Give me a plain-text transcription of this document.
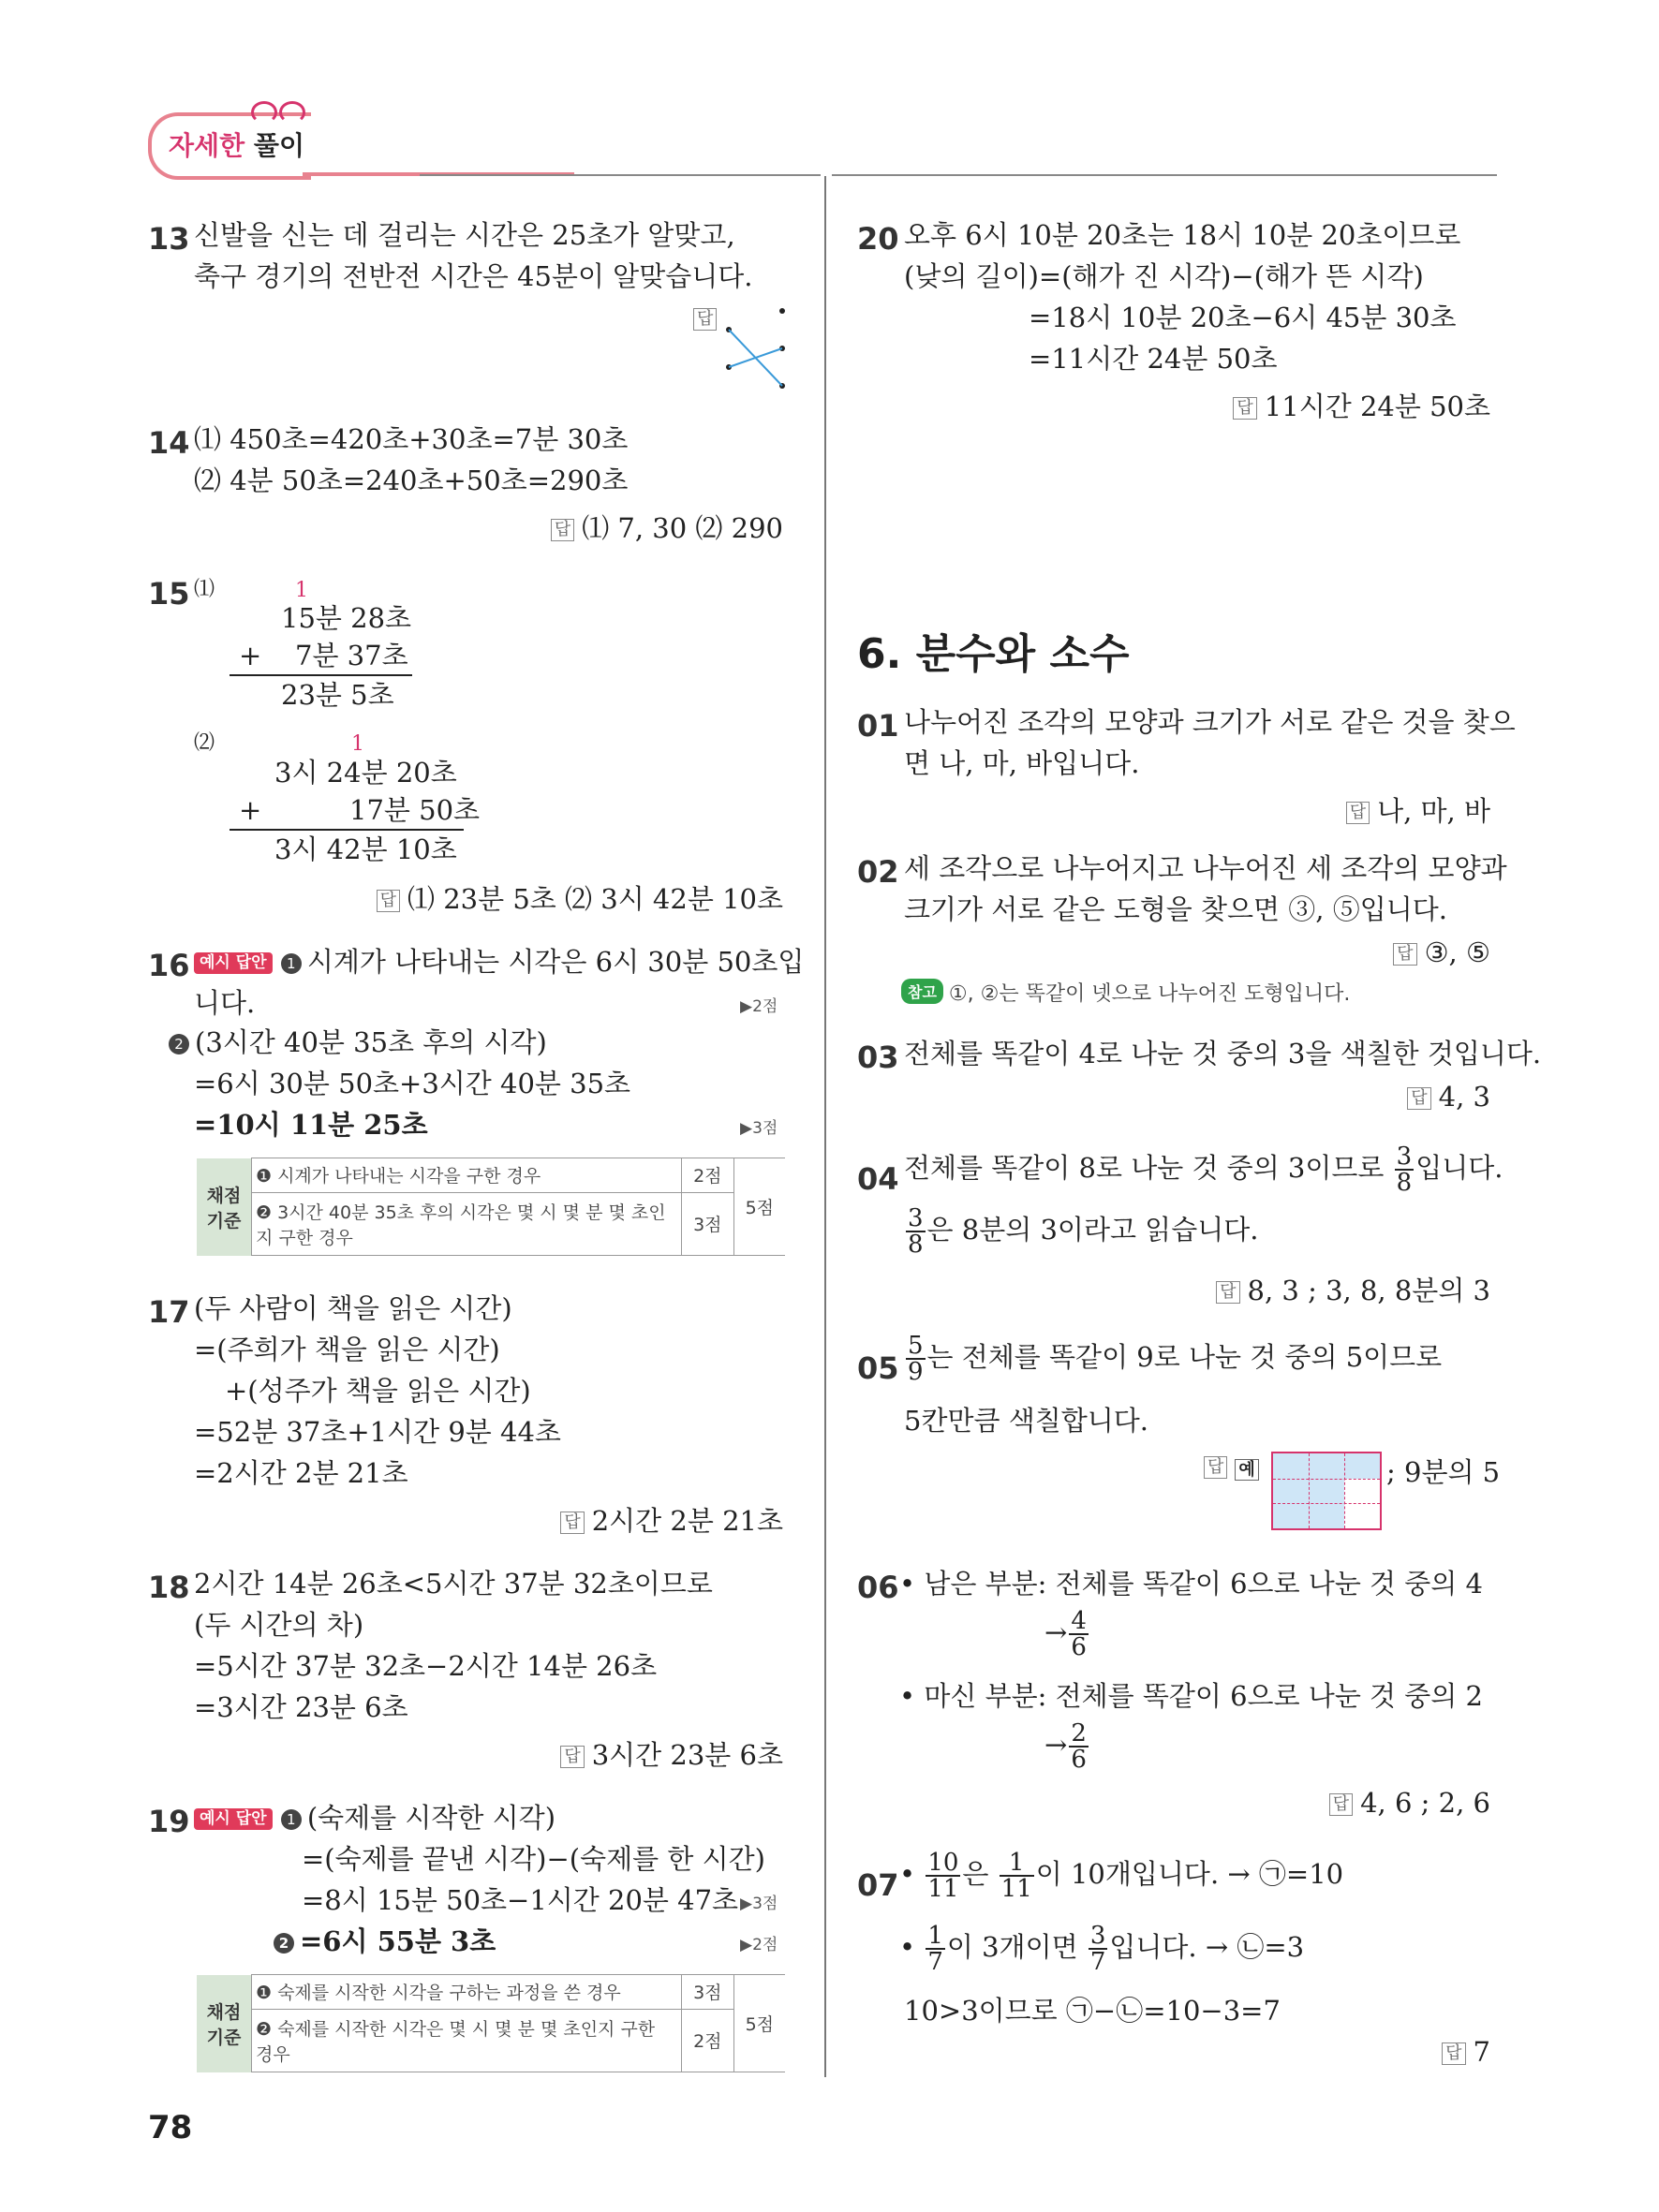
자세한 풀이
13 신발을 신는 데 걸리는 시간은 25초가 알맞고,
축구 경기의 전반전 시간은 45분이 알맞습니다.
답
14 ⑴ 450초=420초+30초=7분 30초
⑵ 4분 50초=240초+50초=290초
답 ⑴ 7, 30 ⑵ 290
15 ⑴	1
15분 28초
+ 7분 37초
23분 5초
⑵	1
3시 24분 20초
+	17분 50초
3시 42분 10초
답 ⑴ 23분 5초 ⑵ 3시 42분 10초
16 예시 답안 1 시계가 나타내는 시각은 6시 30분 50초입
니다.	▶2점
2 (3시간 40분 35초 후의 시각)
=6시 30분 50초+3시간 40분 35초
=10시 11분 25초	▶3점
채점 기준	❶ 시계가 나타내는 시각을 구한 경우	2점	5점
	❷ 3시간 40분 35초 후의 시각은 몇 시 몇 분 몇 초인지 구한 경우	3점	
17 (두 사람이 책을 읽은 시간)
=(주희가 책을 읽은 시간)
+(성주가 책을 읽은 시간)
=52분 37초+1시간 9분 44초
=2시간 2분 21초
답 2시간 2분 21초
18 2시간 14분 26초<5시간 37분 32초이므로
(두 시간의 차)
=5시간 37분 32초−2시간 14분 26초
=3시간 23분 6초
답 3시간 23분 6초
19 예시 답안 1 (숙제를 시작한 시각)
=(숙제를 끝낸 시각)−(숙제를 한 시간)
=8시 15분 50초−1시간 20분 47초 ▶3점
2 =6시 55분 3초	▶2점
채점 기준	❶ 숙제를 시작한 시각을 구하는 과정을 쓴 경우	3점	5점
	❷ 숙제를 시작한 시각은 몇 시 몇 분 몇 초인지 구한 경우	2점	
78
20 오후 6시 10분 20초는 18시 10분 20초이므로
(낮의 길이)=(해가 진 시각)−(해가 뜬 시각)
=18시 10분 20초−6시 45분 30초
=11시간 24분 50초
답 11시간 24분 50초
6. 분수와 소수
01 나누어진 조각의 모양과 크기가 서로 같은 것을 찾으
면 나, 마, 바입니다.
답 나, 마, 바
02 세 조각으로 나누어지고 나누어진 세 조각의 모양과
크기가 서로 같은 도형을 찾으면 ③, ⑤입니다.
답 ③, ⑤
참고 ①, ②는 똑같이 넷으로 나누어진 도형입니다.
03 전체를 똑같이 4로 나눈 것 중의 3을 색칠한 것입니다.
답 4, 3
04 전체를 똑같이 8로 나눈 것 중의 3이므로 $\frac{3}{8}$ 입니다.
$\frac{3}{8}$ 은 8분의 3이라고 읽습니다.
답 8, 3 ; 3, 8, 8분의 3
$05 \frac{5}{9}$ 는 전체를 똑같이 9로 나눈 것 중의 5이므로
5칸만큼 색칠합니다.
답 예	; 9분의 5
06 • 남은 부분: 전체를 똑같이 6으로 나눈 것 중의 4
→ $\frac{4}{6}$
• 마신 부분: 전체를 똑같이 6으로 나눈 것 중의 2
→ $\frac{2}{6}$
답 4, 6 ; 2, 6
07 • $\frac{10}{11}$ 은 $\frac{1}{11}$ 이 10개입니다. → ㉠=10
• $\frac{1}{7}$ 이 3개이면 $\frac{3}{7}$ 입니다. → ㉡=3
10>3이므로 ㉠−㉡=10−3=7
답 7
